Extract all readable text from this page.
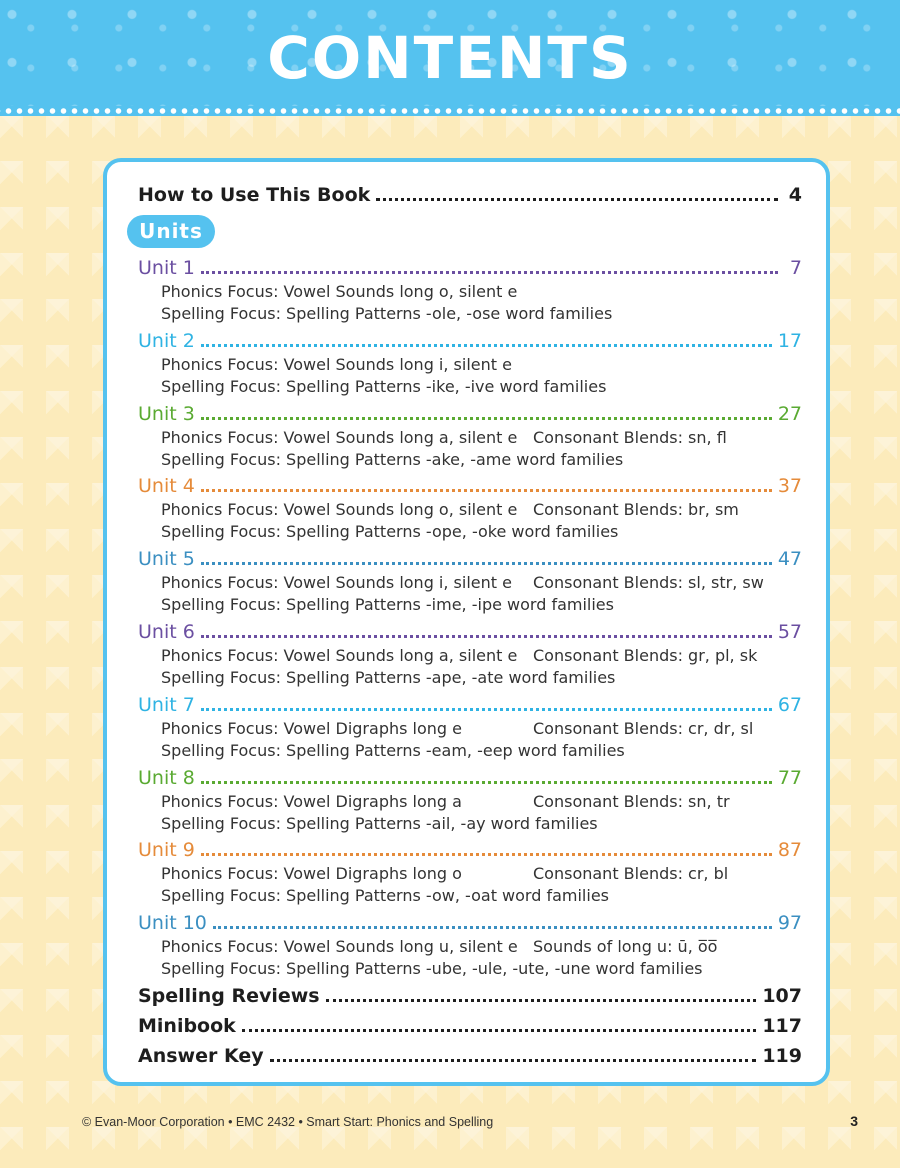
CONTENTS
How to Use This Book	4
Units
Unit 1	7
Phonics Focus: Vowel Sounds long o, silent e
Spelling Focus: Spelling Patterns -ole, -ose word families
Unit 2	17
Phonics Focus: Vowel Sounds long i, silent e
Spelling Focus: Spelling Patterns -ike, -ive word families
Unit 3	27
Phonics Focus: Vowel Sounds long a, silent e Consonant Blends: sn, fl
Spelling Focus: Spelling Patterns -ake, -ame word families
Unit 4	37
Phonics Focus: Vowel Sounds long o, silent e Consonant Blends: br, sm
Spelling Focus: Spelling Patterns -ope, -oke word families
Unit 5	47
Phonics Focus: Vowel Sounds long i, silent e Consonant Blends: sl, str, sw
Spelling Focus: Spelling Patterns -ime, -ipe word families
Unit 6	57
Phonics Focus: Vowel Sounds long a, silent e Consonant Blends: gr, pl, sk
Spelling Focus: Spelling Patterns -ape, -ate word families
Unit 7	67
Phonics Focus: Vowel Digraphs long e	Consonant Blends: cr, dr, sl
Spelling Focus: Spelling Patterns -eam, -eep word families
Unit 8	77
Phonics Focus: Vowel Digraphs long a	Consonant Blends: sn, tr
Spelling Focus: Spelling Patterns -ail, -ay word families
Unit 9	87
Phonics Focus: Vowel Digraphs long o	Consonant Blends: cr, bl
Spelling Focus: Spelling Patterns -ow, -oat word families
Unit 10	97
Phonics Focus: Vowel Sounds long u, silent e Sounds of long u: ū, o̅o̅
Spelling Focus: Spelling Patterns -ube, -ule, -ute, -une word families
Spelling Reviews	107
Minibook	117
Answer Key	119
© Evan-Moor Corporation • EMC 2432 • Smart Start: Phonics and Spelling	3
